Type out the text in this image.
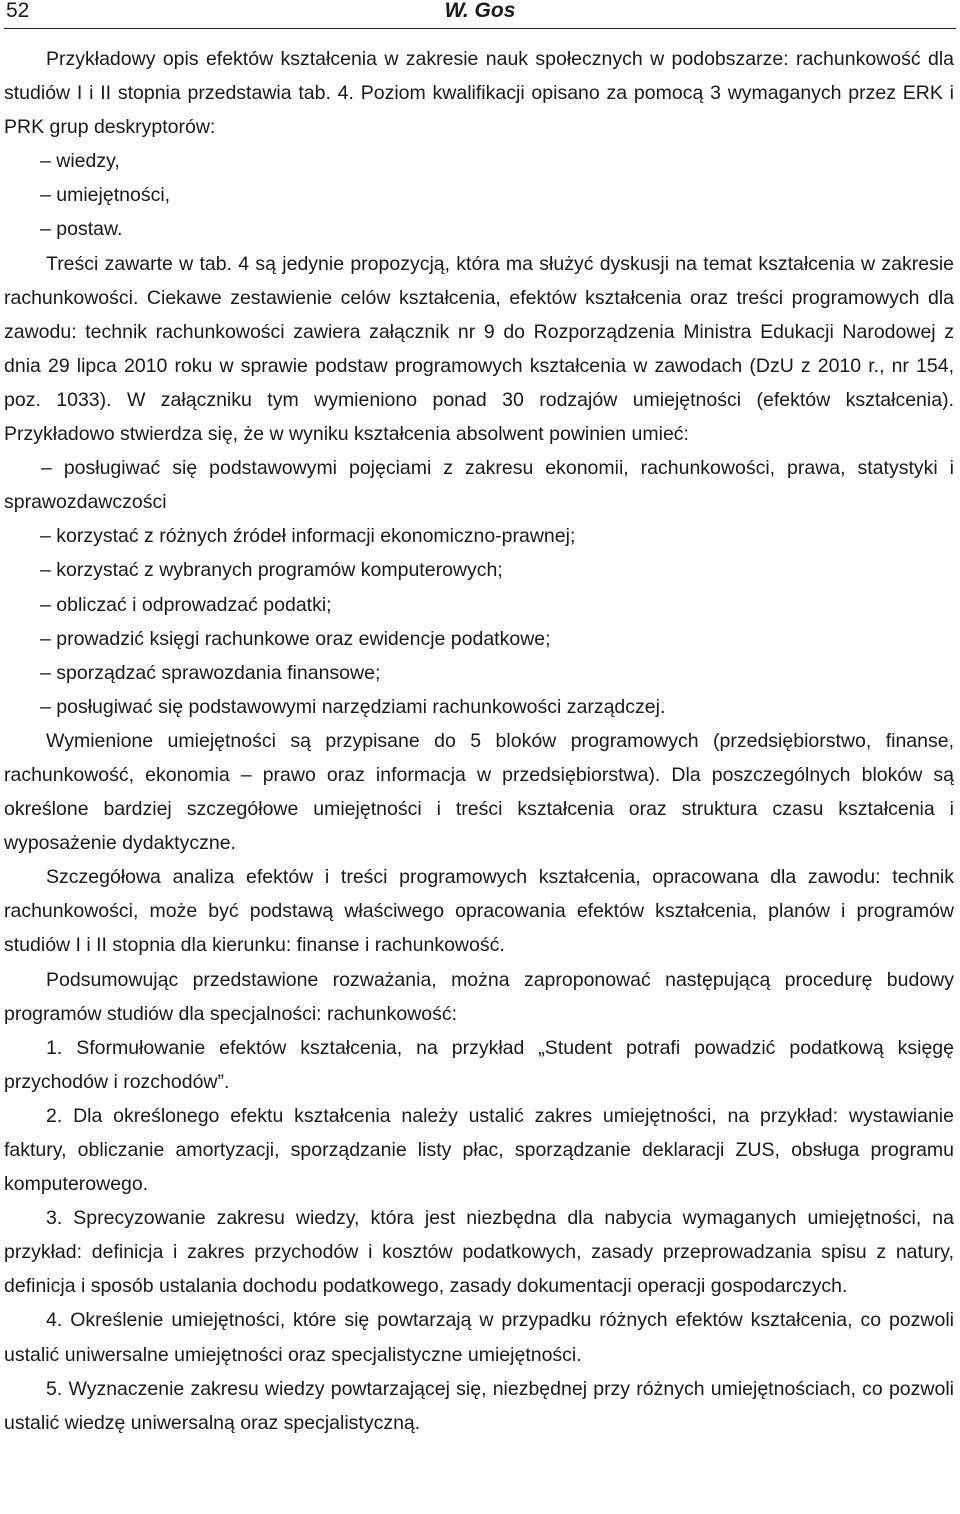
52	W. Gos

Przykładowy opis efektów kształcenia w zakresie nauk społecznych w podobszarze: rachunkowość dla studiów I i II stopnia przedstawia tab. 4. Poziom kwalifikacji opisano za pomocą 3 wymaganych przez ERK i PRK grup deskryptorów:

– wiedzy,

– umiejętności,

– postaw.

Treści zawarte w tab. 4 są jedynie propozycją, która ma służyć dyskusji na temat kształcenia w zakresie rachunkowości. Ciekawe zestawienie celów kształcenia, efektów kształcenia oraz treści programowych dla zawodu: technik rachunkowości zawiera załącznik nr 9 do Rozporządzenia Ministra Edukacji Narodowej z dnia 29 lipca 2010 roku w sprawie podstaw programowych kształcenia w zawodach (DzU z 2010 r., nr 154, poz. 1033). W załączniku tym wymieniono ponad 30 rodzajów umiejętności (efektów kształcenia). Przykładowo stwierdza się, że w wyniku kształcenia absolwent powinien umieć:

– posługiwać się podstawowymi pojęciami z zakresu ekonomii, rachunkowości, prawa, statystyki i sprawozdawczości

– korzystać z różnych źródeł informacji ekonomiczno-prawnej;

– korzystać z wybranych programów komputerowych;

– obliczać i odprowadzać podatki;

– prowadzić księgi rachunkowe oraz ewidencje podatkowe;

– sporządzać sprawozdania finansowe;

– posługiwać się podstawowymi narzędziami rachunkowości zarządczej.

Wymienione umiejętności są przypisane do 5 bloków programowych (przedsiębiorstwo, finanse, rachunkowość, ekonomia – prawo oraz informacja w przedsiębiorstwa). Dla poszczególnych bloków są określone bardziej szczegółowe umiejętności i treści kształcenia oraz struktura czasu kształcenia i wyposażenie dydaktyczne.

Szczegółowa analiza efektów i treści programowych kształcenia, opracowana dla zawodu: technik rachunkowości, może być podstawą właściwego opracowania efektów kształcenia, planów i programów studiów I i II stopnia dla kierunku: finanse i rachunkowość.

Podsumowując przedstawione rozważania, można zaproponować następującą procedurę budowy programów studiów dla specjalności: rachunkowość:

1. Sformułowanie efektów kształcenia, na przykład „Student potrafi powadzić podatkową księgę przychodów i rozchodów”.

2. Dla określonego efektu kształcenia należy ustalić zakres umiejętności, na przykład: wystawianie faktury, obliczanie amortyzacji, sporządzanie listy płac, sporządzanie deklaracji ZUS, obsługa programu komputerowego.

3. Sprecyzowanie zakresu wiedzy, która jest niezbędna dla nabycia wymaganych umiejętności, na przykład: definicja i zakres przychodów i kosztów podatkowych, zasady przeprowadzania spisu z natury, definicja i sposób ustalania dochodu podatkowego, zasady dokumentacji operacji gospodarczych.

4. Określenie umiejętności, które się powtarzają w przypadku różnych efektów kształcenia, co pozwoli ustalić uniwersalne umiejętności oraz specjalistyczne umiejętności.

5. Wyznaczenie zakresu wiedzy powtarzającej się, niezbędnej przy różnych umiejętnościach, co pozwoli ustalić wiedzę uniwersalną oraz specjalistyczną.
